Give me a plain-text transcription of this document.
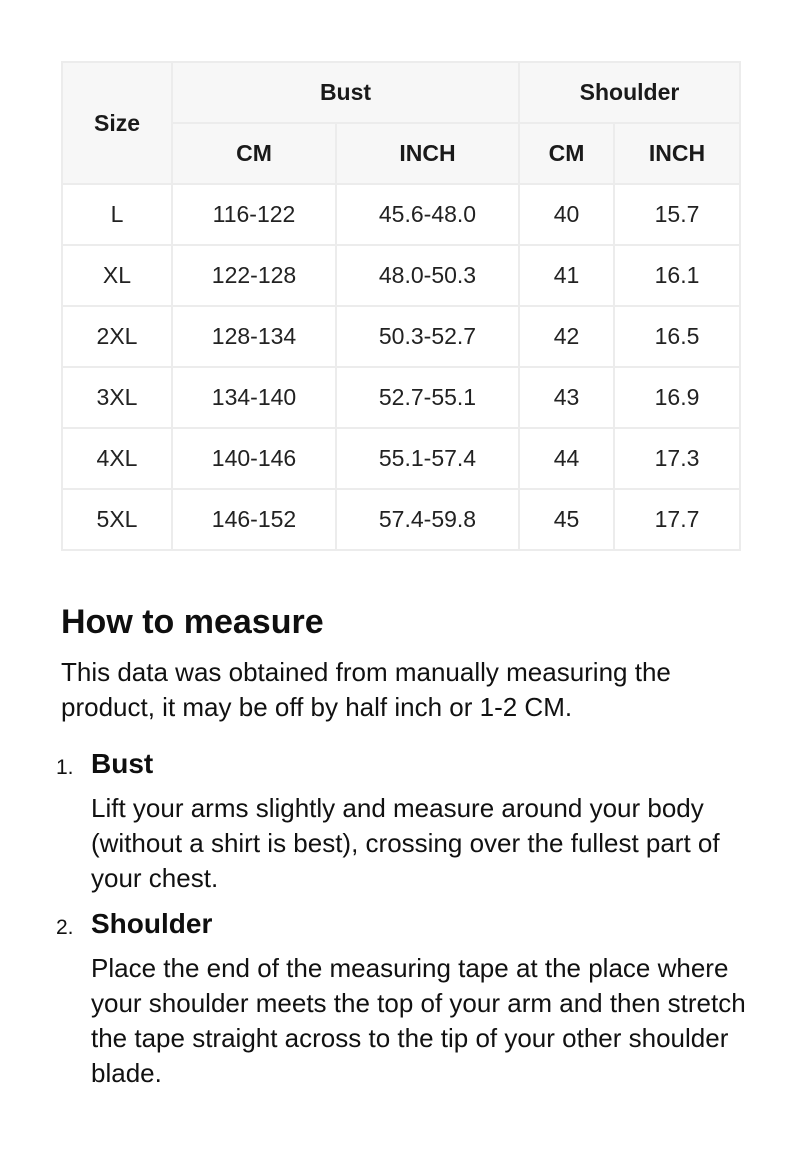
Size	Bust		Shoulder	
	CM	INCH	CM	INCH
L	116-122	45.6-48.0	40	15.7
XL	122-128	48.0-50.3	41	16.1
2XL	128-134	50.3-52.7	42	16.5
3XL	134-140	52.7-55.1	43	16.9
4XL	140-146	55.1-57.4	44	17.3
5XL	146-152	57.4-59.8	45	17.7
How to measure

This data was obtained from manually measuring the product, it may be off by half inch or 1-2 CM.

1. Bust

Lift your arms slightly and measure around your body (without a shirt is best), crossing over the fullest part of your chest.

2. Shoulder

Place the end of the measuring tape at the place where your shoulder meets the top of your arm and then stretch the tape straight across to the tip of your other shoulder blade.
